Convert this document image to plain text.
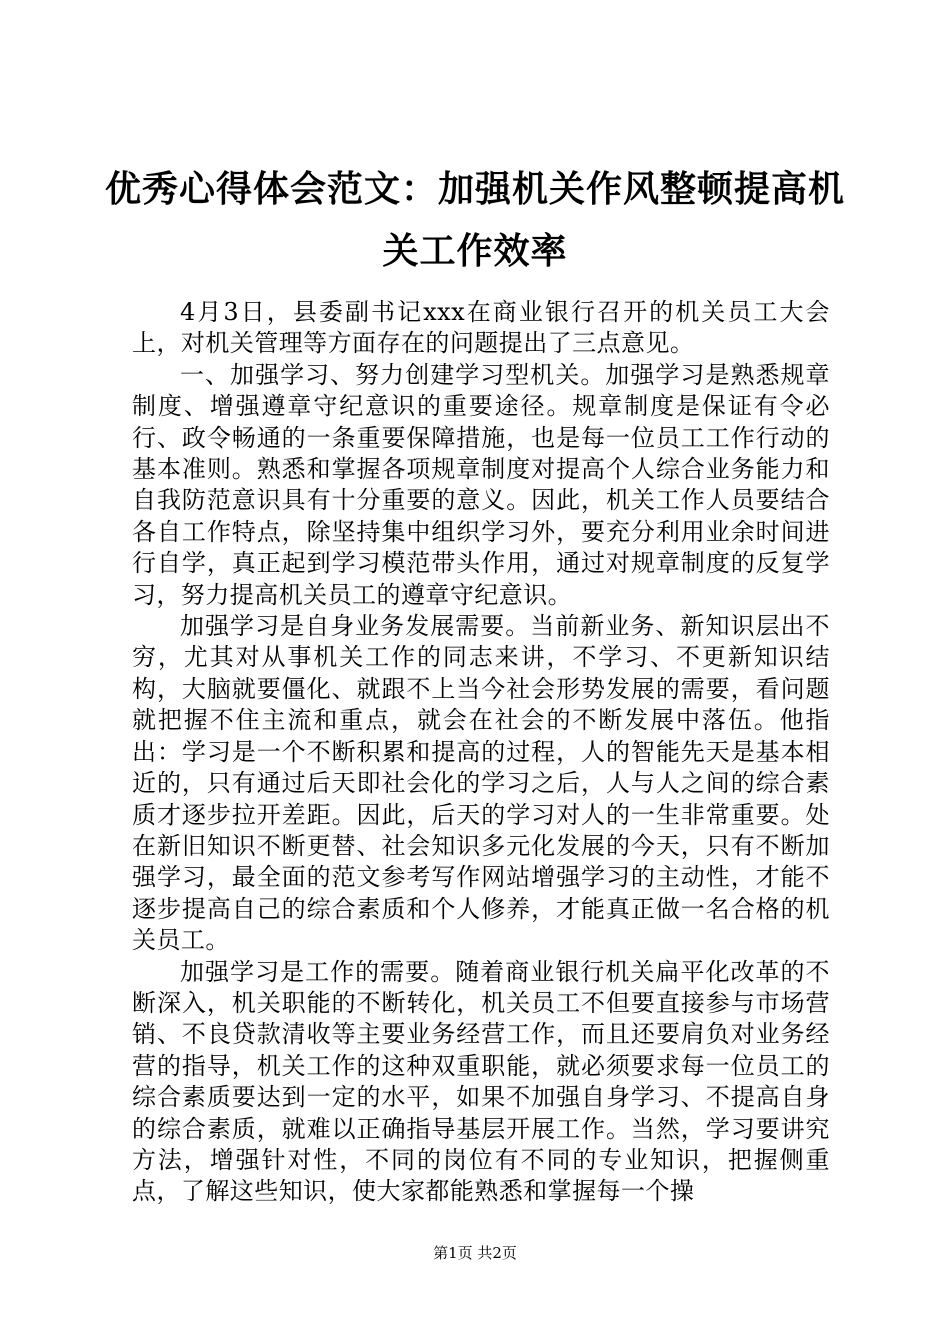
优秀心得体会范文：加强机关作风整顿提高机关工作效率

4月3日，县委副书记xxx在商业银行召开的机关员工大会上，对机关管理等方面存在的问题提出了三点意见。

一、加强学习、努力创建学习型机关。加强学习是熟悉规章制度、增强遵章守纪意识的重要途径。规章制度是保证有令必行、政令畅通的一条重要保障措施，也是每一位员工工作行动的基本准则。熟悉和掌握各项规章制度对提高个人综合业务能力和自我防范意识具有十分重要的意义。因此，机关工作人员要结合各自工作特点，除坚持集中组织学习外，要充分利用业余时间进行自学，真正起到学习模范带头作用，通过对规章制度的反复学习，努力提高机关员工的遵章守纪意识。

加强学习是自身业务发展需要。当前新业务、新知识层出不穷，尤其对从事机关工作的同志来讲，不学习、不更新知识结构，大脑就要僵化、就跟不上当今社会形势发展的需要，看问题就把握不住主流和重点，就会在社会的不断发展中落伍。他指出：学习是一个不断积累和提高的过程，人的智能先天是基本相近的，只有通过后天即社会化的学习之后，人与人之间的综合素质才逐步拉开差距。因此，后天的学习对人的一生非常重要。处在新旧知识不断更替、社会知识多元化发展的今天，只有不断加强学习，最全面的范文参考写作网站增强学习的主动性，才能不逐步提高自己的综合素质和个人修养，才能真正做一名合格的机关员工。

加强学习是工作的需要。随着商业银行机关扁平化改革的不断深入，机关职能的不断转化，机关员工不但要直接参与市场营销、不良贷款清收等主要业务经营工作，而且还要肩负对业务经营的指导，机关工作的这种双重职能，就必须要求每一位员工的综合素质要达到一定的水平，如果不加强自身学习、不提高自身的综合素质，就难以正确指导基层开展工作。当然，学习要讲究方法，增强针对性，不同的岗位有不同的专业知识，把握侧重点，了解这些知识，使大家都能熟悉和掌握每一个操

第1页 共2页
